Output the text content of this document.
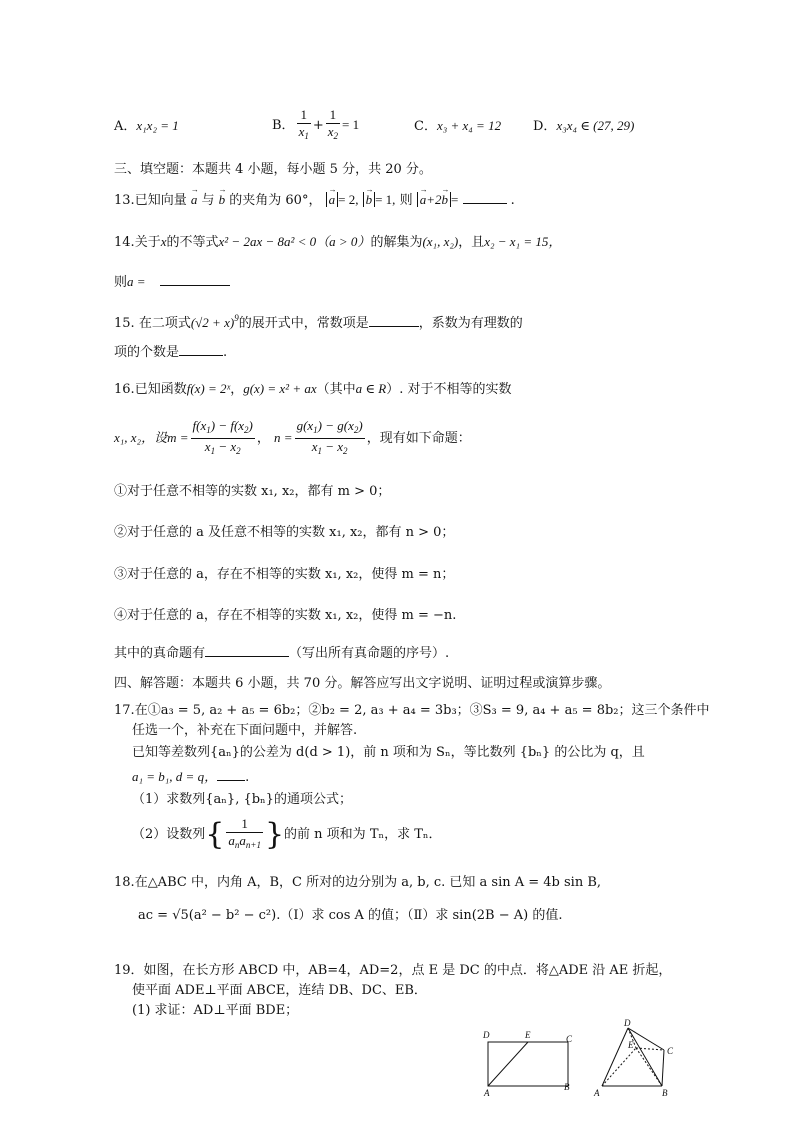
A．x₁x₂ = 1	B． $\frac{1}{x_1} + \frac{1}{x_2} = 1$	C．x₃ + x₄ = 12 D．x₃x₄ ∈ (27, 29)
三、填空题：本题共 4 小题，每小题 5 分，共 20 分。
13.已知向量 → a 与 → b 的夹角为 60°， → a = 2, → b = 1, 则 → a+2→ b =	.
14.关于x的不等式x² − 2ax − 8a² < 0（a > 0）的解集为(x₁, x₂)，且x₂ − x₁ = 15，
则a =
15. 在二项式$(√2 + x)^9$的展开式中，常数项是	，系数为有理数的
项的个数是	.
16.已知函数f(x) = 2ˣ，g(x) = x² + ax（其中a ∈ R）. 对于不相等的实数
x₁, x₂，设$m = \frac{f(x_1) - f(x_2)}{x_1 - x_2}$ ， $n = \frac{g(x_1) - g(x_2)}{x_1 - x_2}$ ，现有如下命题：
①对于任意不相等的实数 x₁, x₂，都有 m > 0；
②对于任意的 a 及任意不相等的实数 x₁, x₂，都有 n > 0；
③对于任意的 a，存在不相等的实数 x₁, x₂，使得 m = n；
④对于任意的 a，存在不相等的实数 x₁, x₂，使得 m = −n.
其中的真命题有	（写出所有真命题的序号）.
四、解答题：本题共 6 小题，共 70 分。解答应写出文字说明、证明过程或演算步骤。
17.在①a₃ = 5, a₂ + a₅ = 6b₂；②b₂ = 2, a₃ + a₄ = 3b₃；③S₃ = 9, a₄ + a₅ = 8b₂；这三个条件中
任选一个，补充在下面问题中，并解答.
已知等差数列{aₙ}的公差为 d(d > 1)，前 n 项和为 Sₙ，等比数列 {bₙ} 的公比为 q，且
a₁ = b₁, d = q， .
（1）求数列{aₙ}, {bₙ}的通项公式；
（2）设数列{ $\frac{1}{a_na_{n+1}}$ }的前 n 项和为 Tₙ，求 Tₙ．
18.在△ABC 中，内角 A，B，C 所对的边分别为 a, b, c. 已知 a sin A = 4b sin B,
ac = √5(a² − b² − c²).（Ⅰ）求 cos A 的值；（Ⅱ）求 sin(2B − A) 的值.
19．如图，在长方形 ABCD 中，AB=4，AD=2，点 E 是 DC 的中点．将△ADE 沿 AE 折起，
使平面 ADE⊥平面 ABCE，连结 DB、DC、EB．
(1) 求证：AD⊥平面 BDE；
D	E	C
A
B
D
E
C
A	B
